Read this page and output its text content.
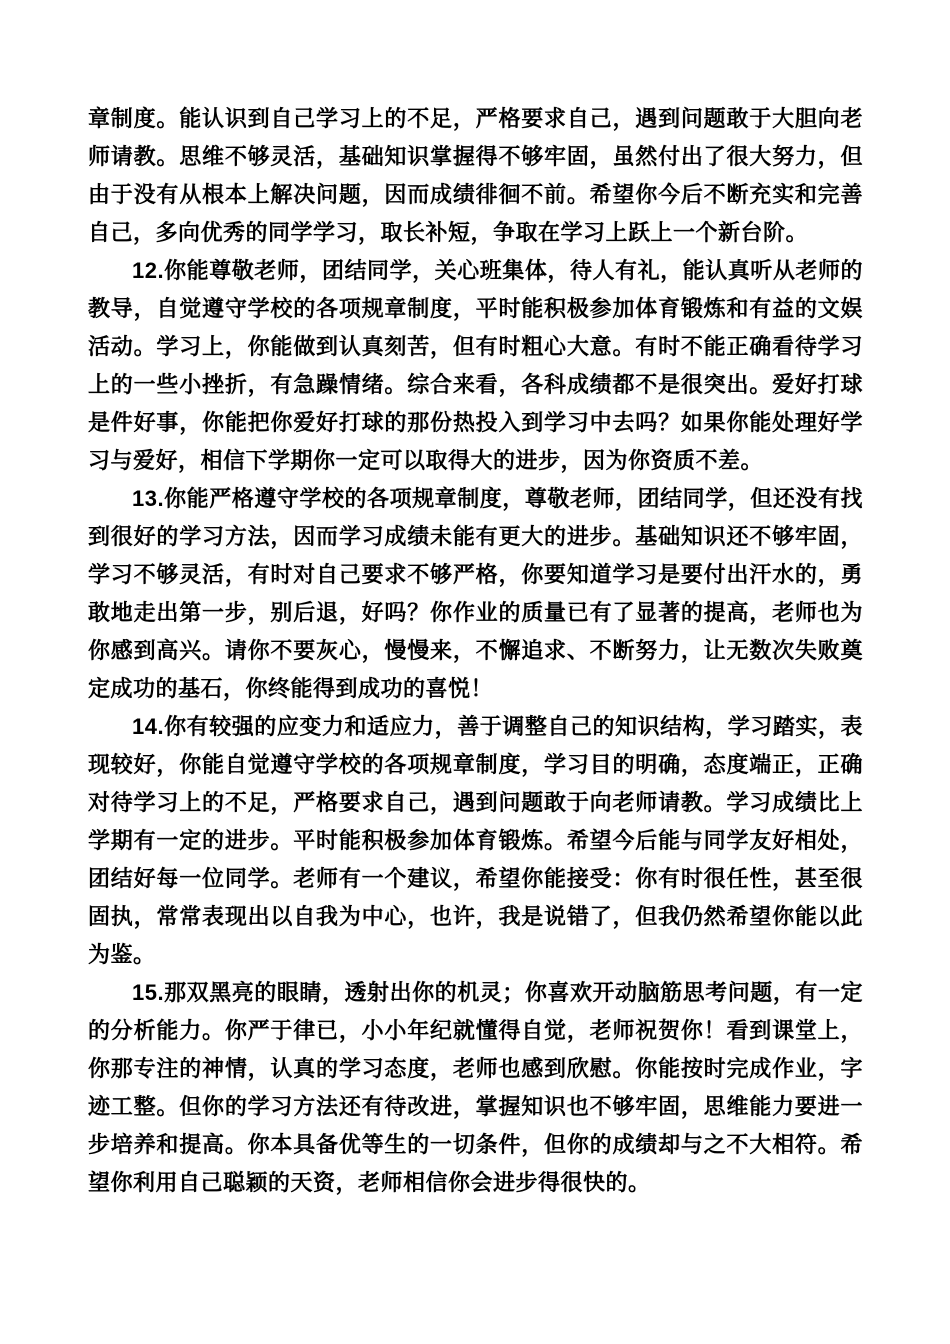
章制度。能认识到自己学习上的不足，严格要求自己，遇到问题敢于大胆向老师请教。思维不够灵活，基础知识掌握得不够牢固，虽然付出了很大努力，但由于没有从根本上解决问题，因而成绩徘徊不前。希望你今后不断充实和完善自己，多向优秀的同学学习，取长补短，争取在学习上跃上一个新台阶。

12.你能尊敬老师，团结同学，关心班集体，待人有礼，能认真听从老师的教导，自觉遵守学校的各项规章制度，平时能积极参加体育锻炼和有益的文娱活动。学习上，你能做到认真刻苦，但有时粗心大意。有时不能正确看待学习上的一些小挫折，有急躁情绪。综合来看，各科成绩都不是很突出。爱好打球是件好事，你能把你爱好打球的那份热投入到学习中去吗？如果你能处理好学习与爱好，相信下学期你一定可以取得大的进步，因为你资质不差。

13.你能严格遵守学校的各项规章制度，尊敬老师，团结同学，但还没有找到很好的学习方法，因而学习成绩未能有更大的进步。基础知识还不够牢固，学习不够灵活，有时对自己要求不够严格，你要知道学习是要付出汗水的，勇敢地走出第一步，别后退，好吗？你作业的质量已有了显著的提高，老师也为你感到高兴。请你不要灰心，慢慢来，不懈追求、不断努力，让无数次失败奠定成功的基石，你终能得到成功的喜悦！

14.你有较强的应变力和适应力，善于调整自己的知识结构，学习踏实，表现较好，你能自觉遵守学校的各项规章制度，学习目的明确，态度端正，正确对待学习上的不足，严格要求自己，遇到问题敢于向老师请教。学习成绩比上学期有一定的进步。平时能积极参加体育锻炼。希望今后能与同学友好相处，团结好每一位同学。老师有一个建议，希望你能接受：你有时很任性，甚至很固执，常常表现出以自我为中心，也许，我是说错了，但我仍然希望你能以此为鉴。

15.那双黑亮的眼睛，透射出你的机灵；你喜欢开动脑筋思考问题，有一定的分析能力。你严于律已，小小年纪就懂得自觉，老师祝贺你！看到课堂上，你那专注的神情，认真的学习态度，老师也感到欣慰。你能按时完成作业，字迹工整。但你的学习方法还有待改进，掌握知识也不够牢固，思维能力要进一步培养和提高。你本具备优等生的一切条件，但你的成绩却与之不大相符。希望你利用自己聪颖的天资，老师相信你会进步得很快的。
